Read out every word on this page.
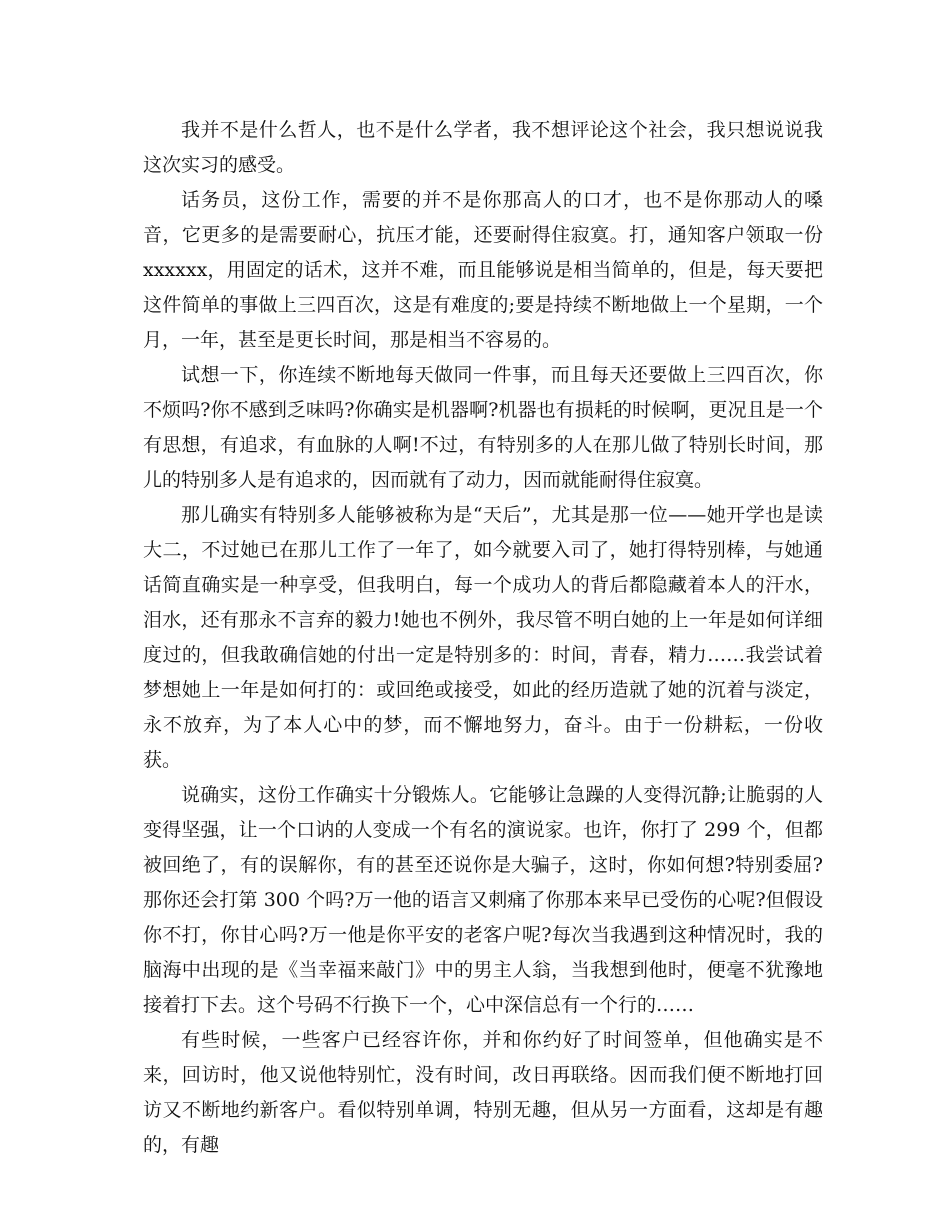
我并不是什么哲人，也不是什么学者，我不想评论这个社会，我只想说说我这次实习的感受。

话务员，这份工作，需要的并不是你那高人的口才，也不是你那动人的嗓音，它更多的是需要耐心，抗压才能，还要耐得住寂寞。打，通知客户领取一份 xxxxxx，用固定的话术，这并不难，而且能够说是相当简单的，但是，每天要把这件简单的事做上三四百次，这是有难度的;要是持续不断地做上一个星期，一个月，一年，甚至是更长时间，那是相当不容易的。

试想一下，你连续不断地每天做同一件事，而且每天还要做上三四百次，你不烦吗?你不感到乏味吗?你确实是机器啊?机器也有损耗的时候啊，更况且是一个有思想，有追求，有血脉的人啊!不过，有特别多的人在那儿做了特别长时间，那儿的特别多人是有追求的，因而就有了动力，因而就能耐得住寂寞。

那儿确实有特别多人能够被称为是“天后”，尤其是那一位——她开学也是读大二，不过她已在那儿工作了一年了，如今就要入司了，她打得特别棒，与她通话简直确实是一种享受，但我明白，每一个成功人的背后都隐藏着本人的汗水，泪水，还有那永不言弃的毅力!她也不例外，我尽管不明白她的上一年是如何详细度过的，但我敢确信她的付出一定是特别多的：时间，青春，精力……我尝试着梦想她上一年是如何打的：或回绝或接受，如此的经历造就了她的沉着与淡定，永不放弃，为了本人心中的梦，而不懈地努力，奋斗。由于一份耕耘，一份收获。

说确实，这份工作确实十分锻炼人。它能够让急躁的人变得沉静;让脆弱的人变得坚强，让一个口讷的人变成一个有名的演说家。也许，你打了 299 个，但都被回绝了，有的误解你，有的甚至还说你是大骗子，这时，你如何想?特别委屈?那你还会打第 300 个吗?万一他的语言又刺痛了你那本来早已受伤的心呢?但假设你不打，你甘心吗?万一他是你平安的老客户呢?每次当我遇到这种情况时，我的脑海中出现的是《当幸福来敲门》中的男主人翁，当我想到他时，便毫不犹豫地接着打下去。这个号码不行换下一个，心中深信总有一个行的……

有些时候，一些客户已经容许你，并和你约好了时间签单，但他确实是不来，回访时，他又说他特别忙，没有时间，改日再联络。因而我们便不断地打回访又不断地约新客户。看似特别单调，特别无趣，但从另一方面看，这却是有趣的，有趣
